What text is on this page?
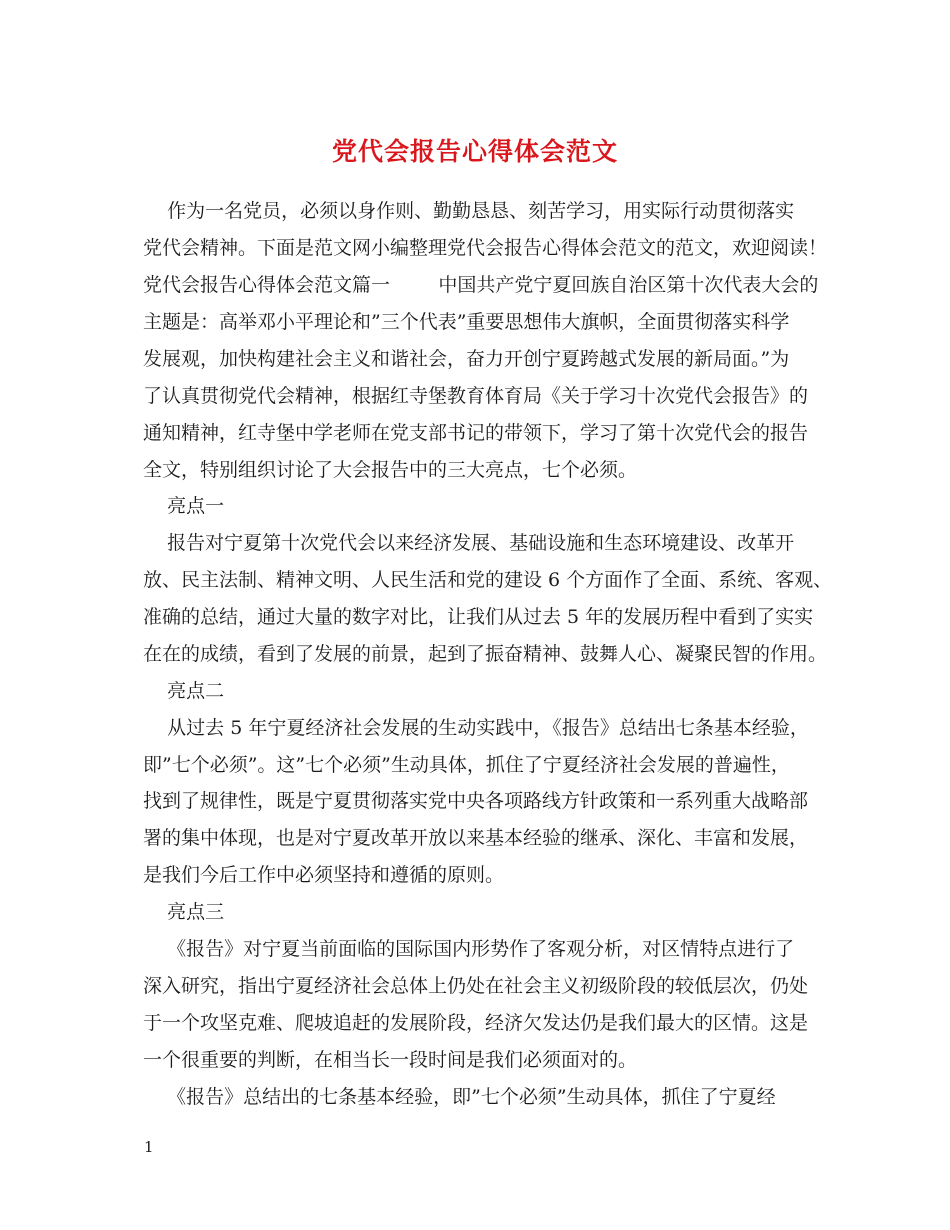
党代会报告心得体会范文
作为一名党员，必须以身作则、勤勤恳恳、刻苦学习，用实际行动贯彻落实
党代会精神。下面是范文网小编整理党代会报告心得体会范文的范文，欢迎阅读！
党代会报告心得体会范文篇一        中国共产党宁夏回族自治区第十次代表大会的
主题是：高举邓小平理论和”三个代表”重要思想伟大旗帜，全面贯彻落实科学
发展观，加快构建社会主义和谐社会，奋力开创宁夏跨越式发展的新局面。”为
了认真贯彻党代会精神，根据红寺堡教育体育局《关于学习十次党代会报告》的
通知精神，红寺堡中学老师在党支部书记的带领下，学习了第十次党代会的报告
全文，特别组织讨论了大会报告中的三大亮点，七个必须。
亮点一
报告对宁夏第十次党代会以来经济发展、基础设施和生态环境建设、改革开
放、民主法制、精神文明、人民生活和党的建设 6 个方面作了全面、系统、客观、
准确的总结，通过大量的数字对比，让我们从过去 5 年的发展历程中看到了实实
在在的成绩，看到了发展的前景，起到了振奋精神、鼓舞人心、凝聚民智的作用。
亮点二
从过去 5 年宁夏经济社会发展的生动实践中，《报告》总结出七条基本经验，
即”七个必须”。这”七个必须”生动具体，抓住了宁夏经济社会发展的普遍性，
找到了规律性，既是宁夏贯彻落实党中央各项路线方针政策和一系列重大战略部
署的集中体现，也是对宁夏改革开放以来基本经验的继承、深化、丰富和发展，
是我们今后工作中必须坚持和遵循的原则。
亮点三
《报告》对宁夏当前面临的国际国内形势作了客观分析，对区情特点进行了
深入研究，指出宁夏经济社会总体上仍处在社会主义初级阶段的较低层次，仍处
于一个攻坚克难、爬坡追赶的发展阶段，经济欠发达仍是我们最大的区情。这是
一个很重要的判断，在相当长一段时间是我们必须面对的。
《报告》总结出的七条基本经验，即”七个必须”生动具体，抓住了宁夏经
1
